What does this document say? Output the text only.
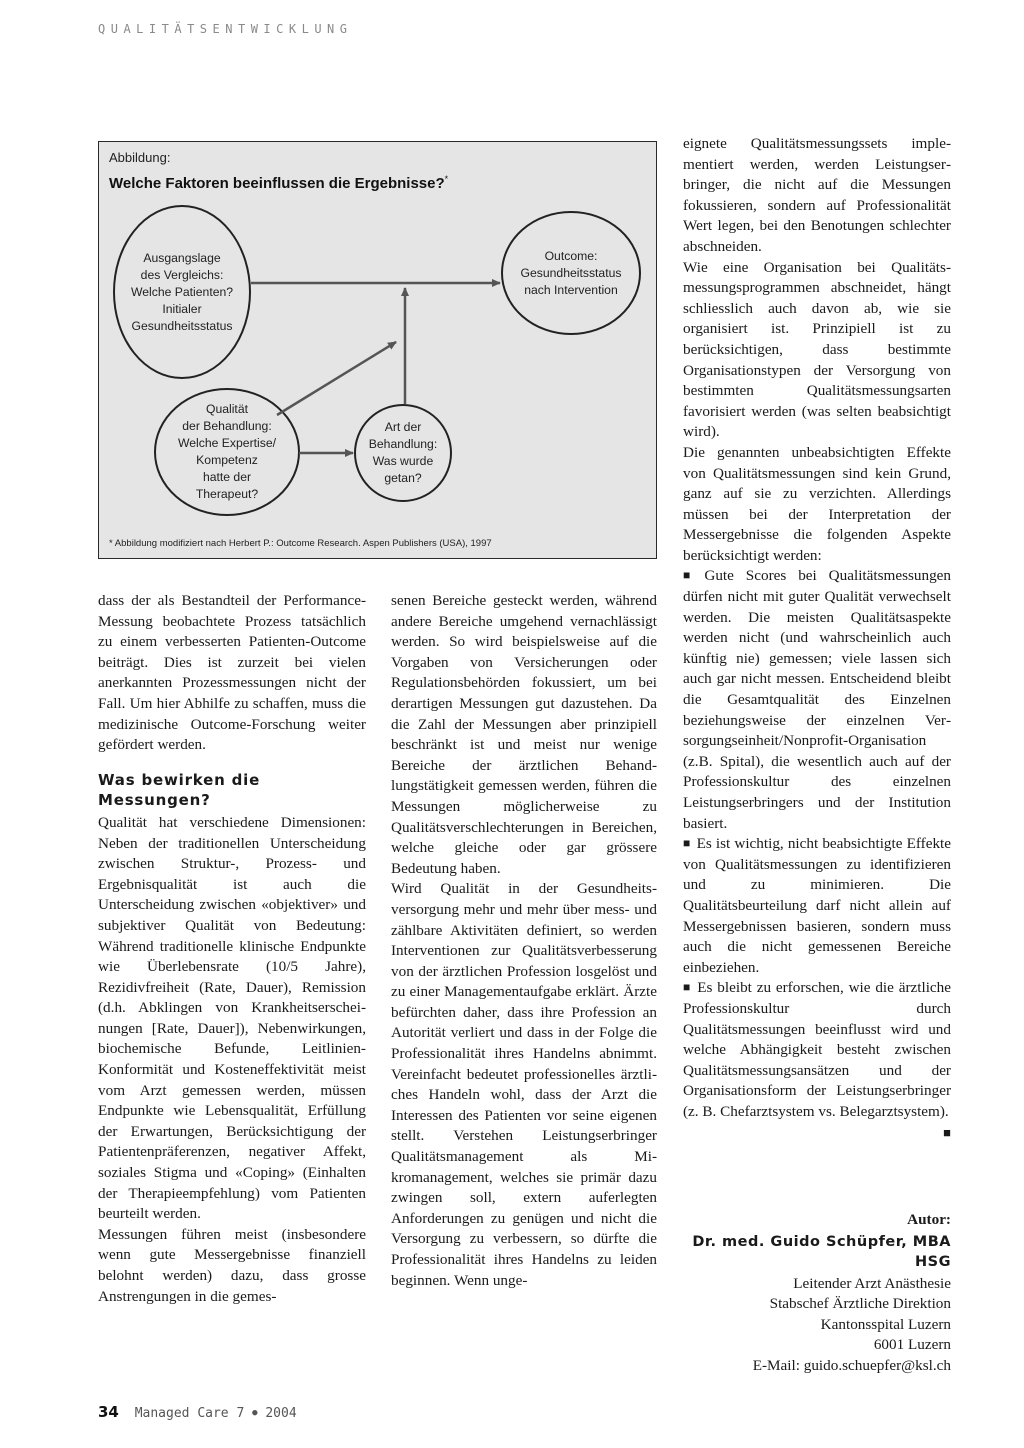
QUALITÄTSENTWICKLUNG
Abbildung:
Welche Faktoren beeinflussen die Ergebnisse?*
Ausgangslage
des Vergleichs:
Welche Patienten?
Initialer
Gesundheitsstatus
Outcome:
Gesundheitsstatus
nach Intervention
Qualität
der Behandlung:
Welche Expertise/
Kompetenz
hatte der
Therapeut?
Art der
Behandlung:
Was wurde
getan?
* Abbildung modifiziert nach Herbert P.: Outcome Research. Aspen Publishers (USA), 1997

dass der als Bestandteil der Performance-Messung beobachtete Prozess tatsächlich zu einem verbesserten Patienten-Outcome beiträgt. Dies ist zurzeit bei vielen anerkannten Prozessmessungen nicht der Fall. Um hier Abhilfe zu schaffen, muss die medizinische Outcome-Forschung weiter gefördert werden.

Was bewirken die Messungen?

Qualität hat verschiedene Dimensionen: Neben der traditionellen Unterscheidung zwischen Struktur-, Prozess- und Ergebnisqualität ist auch die Unterscheidung zwischen «objektiver» und subjektiver Qualität von Bedeutung: Während traditionelle klinische Endpunkte wie Überlebensrate (10/5 Jahre), Rezidivfreiheit (Rate, Dauer), Remission (d.h. Abklingen von Krankheitserscheinungen [Rate, Dauer]), Nebenwirkungen, biochemische Befunde, Leitlinien-Konformität und Kosteneffektivität meist vom Arzt gemessen werden, müssen Endpunkte wie Lebensqualität, Erfüllung der Erwartungen, Berücksichtigung der Patientenpräferenzen, negativer Affekt, soziales Stigma und «Coping» (Einhalten der Therapieempfehlung) vom Patienten beurteilt werden.

Messungen führen meist (insbesondere wenn gute Messergebnisse finanziell belohnt werden) dazu, dass grosse Anstrengungen in die gemes-

senen Bereiche gesteckt werden, während andere Bereiche umgehend vernachlässigt werden. So wird beispielsweise auf die Vorgaben von Versicherungen oder Regulationsbehörden fokussiert, um bei derartigen Messungen gut dazustehen. Da die Zahl der Messungen aber prinzipiell beschränkt ist und meist nur wenige Bereiche der ärztlichen Behandlungstätigkeit gemessen werden, führen die Messungen möglicherweise zu Qualitätsverschlechterungen in Bereichen, welche gleiche oder gar grössere Bedeutung haben.

Wird Qualität in der Gesundheitsversorgung mehr und mehr über mess- und zählbare Aktivitäten definiert, so werden Interventionen zur Qualitätsverbesserung von der ärztlichen Profession losgelöst und zu einer Managementaufgabe erklärt. Ärzte befürchten daher, dass ihre Profession an Autorität verliert und dass in der Folge die Professionalität ihres Handelns abnimmt. Vereinfacht bedeutet professionelles ärztliches Handeln wohl, dass der Arzt die Interessen des Patienten vor seine eigenen stellt. Verstehen Leistungserbringer Qualitätsmanagement als Mikromanagement, welches sie primär dazu zwingen soll, extern auferlegten Anforderungen zu genügen und nicht die Versorgung zu verbessern, so dürfte die Professionalität ihres Handelns zu leiden beginnen. Wenn unge-

eignete Qualitätsmessungssets implementiert werden, werden Leistungserbringer, die nicht auf die Messungen fokussieren, sondern auf Professionalität Wert legen, bei den Benotungen schlechter abschneiden.

Wie eine Organisation bei Qualitätsmessungsprogrammen abschneidet, hängt schliesslich auch davon ab, wie sie organisiert ist. Prinzipiell ist zu berücksichtigen, dass bestimmte Organisationstypen der Versorgung von bestimmten Qualitätsmessungsarten favorisiert werden (was selten beabsichtigt wird).

Die genannten unbeabsichtigten Effekte von Qualitätsmessungen sind kein Grund, ganz auf sie zu verzichten. Allerdings müssen bei der Interpretation der Messergebnisse die folgenden Aspekte berücksichtigt werden:

■ Gute Scores bei Qualitätsmessungen dürfen nicht mit guter Qualität verwechselt werden. Die meisten Qualitätsaspekte werden nicht (und wahrscheinlich auch künftig nie) gemessen; viele lassen sich auch gar nicht messen. Entscheidend bleibt die Gesamtqualität des Einzelnen beziehungsweise der einzelnen Versorgungseinheit/Nonprofit-Organisation (z.B. Spital), die wesentlich auch auf der Professionskultur des einzelnen Leistungserbringers und der Institution basiert.

■ Es ist wichtig, nicht beabsichtigte Effekte von Qualitätsmessungen zu identifizieren und zu minimieren. Die Qualitätsbeurteilung darf nicht allein auf Messergebnissen basieren, sondern muss auch die nicht gemessenen Bereiche einbeziehen.

■ Es bleibt zu erforschen, wie die ärztliche Professionskultur durch Qualitätsmessungen beeinflusst wird und welche Abhängigkeit besteht zwischen Qualitätsmessungsansätzen und der Organisationsform der Leistungserbringer (z. B. Chefarztsystem vs. Belegarztsystem).
■

Autor:
Dr. med. Guido Schüpfer, MBA HSG
Leitender Arzt Anästhesie
Stabschef Ärztliche Direktion
Kantonsspital Luzern
6001 Luzern
E-Mail: guido.schuepfer@ksl.ch
34 Managed Care 7 ● 2004
